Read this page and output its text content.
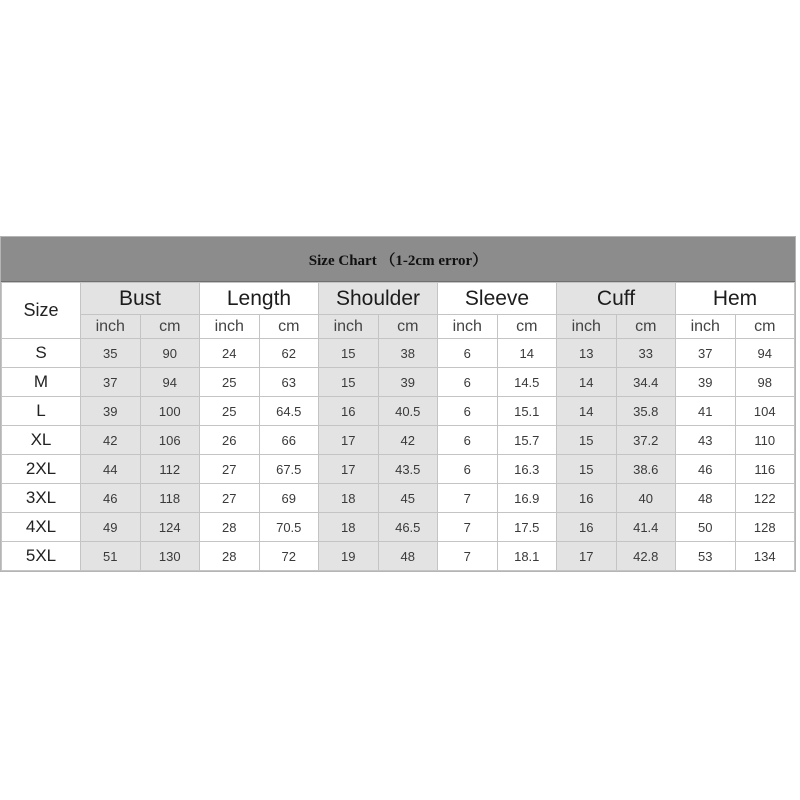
Size Chart （1-2cm error）
Size	Bust		Length		Shoulder		Sleeve		Cuff		Hem	
	inch	cm	inch	cm	inch	cm	inch	cm	inch	cm	inch	cm
S	35	90	24	62	15	38	6	14	13	33	37	94
M	37	94	25	63	15	39	6	14.5	14	34.4	39	98
L	39	100	25	64.5	16	40.5	6	15.1	14	35.8	41	104
XL	42	106	26	66	17	42	6	15.7	15	37.2	43	110
2XL	44	112	27	67.5	17	43.5	6	16.3	15	38.6	46	116
3XL	46	118	27	69	18	45	7	16.9	16	40	48	122
4XL	49	124	28	70.5	18	46.5	7	17.5	16	41.4	50	128
5XL	51	130	28	72	19	48	7	18.1	17	42.8	53	134
